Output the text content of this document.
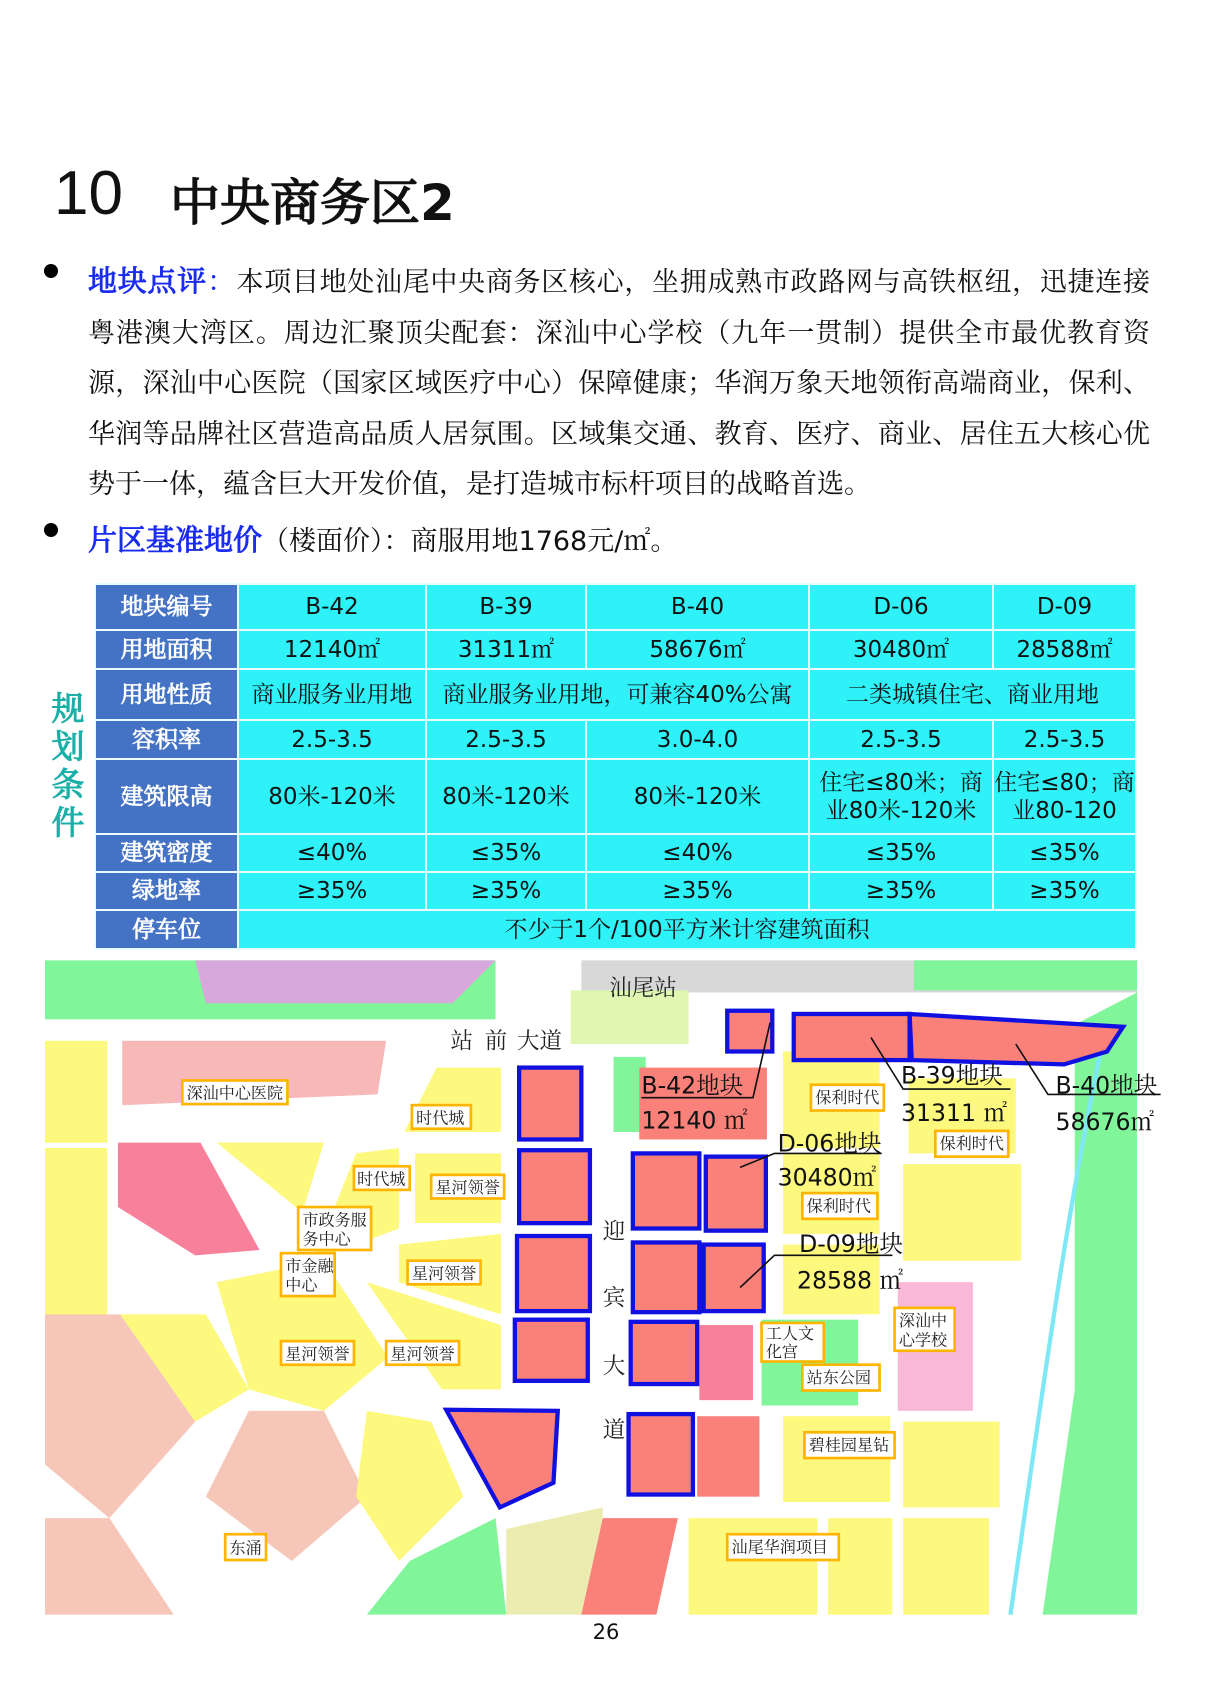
10 中央商务区2
地块点评：本项目地处汕尾中央商务区核心，坐拥成熟市政路网与高铁枢纽，迅捷连接粤港澳大湾区。周边汇聚顶尖配套：深汕中心学校（九年一贯制）提供全市最优教育资源，深汕中心医院（国家区域医疗中心）保障健康；华润万象天地领衔高端商业，保利、华润等品牌社区营造高品质人居氛围。区域集交通、教育、医疗、商业、居住五大核心优势于一体，蕴含巨大开发价值，是打造城市标杆项目的战略首选。
片区基准地价（楼面价）：商服用地1768元/㎡。
规
划
条
件
地块编号	B-42	B-39	B-40	D-06	D-09
用地面积	12140㎡	31311㎡	58676㎡	30480㎡	28588㎡
用地性质	商业服务业用地	商业服务业用地，可兼容40%公寓		二类城镇住宅、商业用地	
容积率	2.5-3.5	2.5-3.5	3.0-4.0	2.5-3.5	2.5-3.5
建筑限高	80米-120米	80米-120米	80米-120米	住宅≤80米；商业80米-120米	住宅≤80；商业80-120
建筑密度	≤40%	≤35%	≤40%	≤35%	≤35%
绿地率	≥35%	≥35%	≥35%	≥35%	≥35%
停车位	不少于1个/100平方米计容建筑面积				
汕尾站
站 前 大道
迎
宾
大
道
B-42地块
12140 ㎡
B-39地块
31311 ㎡
B-40地块
58676㎡
D-06地块
30480㎡
D-09地块
28588 ㎡
深汕中心医院
时代城
时代城 星河领誉
市政务服
务中心
市金融
中心
星河领誉
星河领誉	星河领誉
东涌
保利时代
保利时代
保利时代
工人文
化宫
站东公园
深汕中
心学校
碧桂园星钻
汕尾华润项目
26
